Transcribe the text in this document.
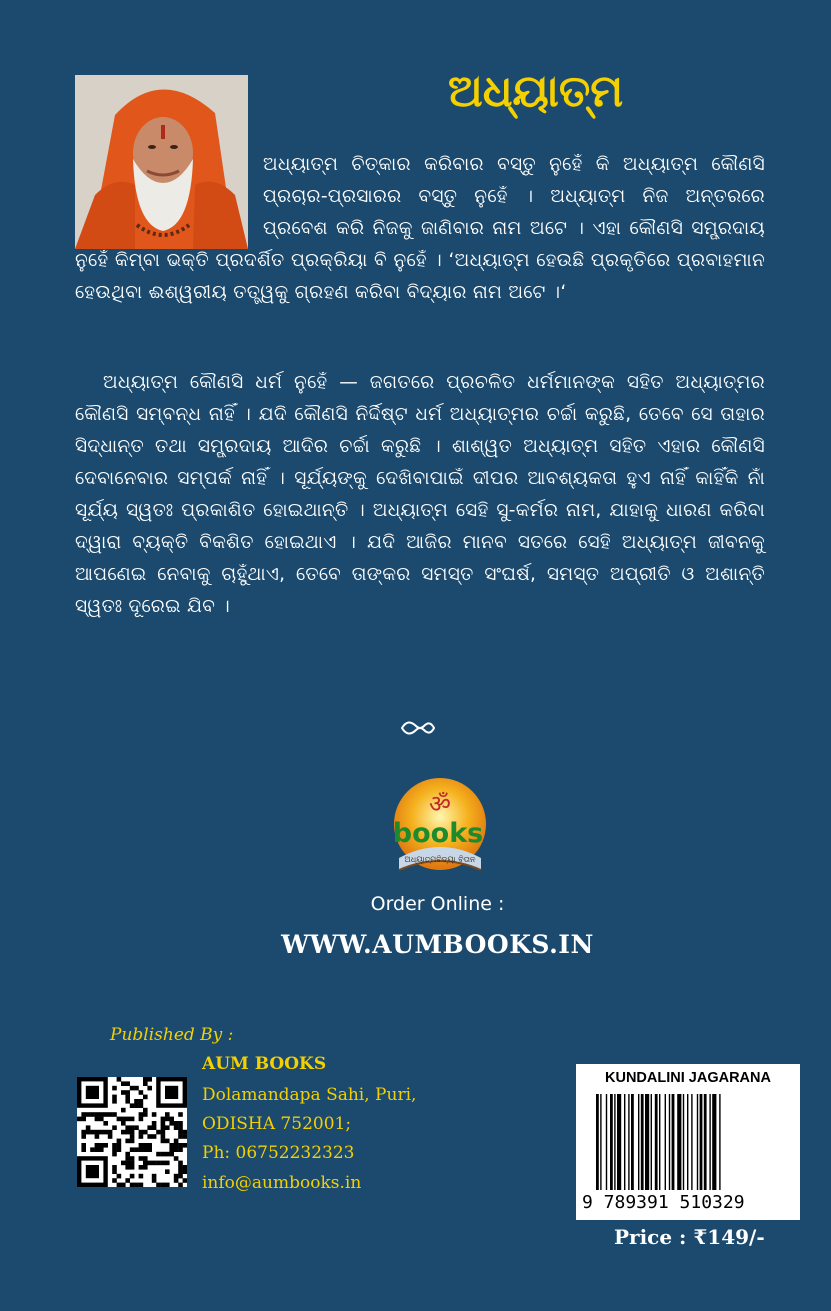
ଅଧ୍ୟାତ୍ମ
ଅଧ୍ୟାତ୍ମ ଚିତ୍କାର କରିବାର ବସ୍ତୁ ନୁହେଁ କି ଅଧ୍ୟାତ୍ମ କୌଣସି ପ୍ରଚାର-ପ୍ରସାରର ବସ୍ତୁ ନୁହେଁ । ଅଧ୍ୟାତ୍ମ ନିଜ ଅନ୍ତରରେ ପ୍ରବେଶ କରି ନିଜକୁ ଜାଣିବାର ନାମ ଅଟେ । ଏହା କୌଣସି ସମ୍ପ୍ରଦାୟ ନୁହେଁ କିମ୍ବା ଭକ୍ତି ପ୍ରଦର୍ଶିତ ପ୍ରକ୍ରିୟା ବି ନୁହେଁ । ‘ଅଧ୍ୟାତ୍ମ ହେଉଛି ପ୍ରକୃତିରେ ପ୍ରବାହମାନ ହେଉଥିବା ଈଶ୍ୱରୀୟ ତତ୍ତ୍ୱକୁ ଗ୍ରହଣ କରିବା ବିଦ୍ୟାର ନାମ ଅଟେ ।‘

ଅଧ୍ୟାତ୍ମ କୌଣସି ଧର୍ମ ନୁହେଁ — ଜଗତରେ ପ୍ରଚଳିତ ଧର୍ମମାନଙ୍କ ସହିତ ଅଧ୍ୟାତ୍ମର କୌଣସି ସମ୍ବନ୍ଧ ନାହିଁ । ଯଦି କୌଣସି ନିର୍ଦ୍ଦିଷ୍ଟ ଧର୍ମ ଅଧ୍ୟାତ୍ମର ଚର୍ଚ୍ଚା କରୁଛି, ତେବେ ସେ ତାହାର ସିଦ୍ଧାନ୍ତ ତଥା ସମ୍ପ୍ରଦାୟ ଆଦିର ଚର୍ଚ୍ଚା କରୁଛି । ଶାଶ୍ୱତ ଅଧ୍ୟାତ୍ମ ସହିତ ଏହାର କୌଣସି ଦେବାନେବାର ସମ୍ପର୍କ ନାହିଁ । ସୂର୍ଯ୍ୟଙ୍କୁ ଦେଖିବାପାଇଁ ଦୀପର ଆବଶ୍ୟକତା ହୁଏ ନାହିଁ କାହିଁକି ନାଁ ସୂର୍ଯ୍ୟ ସ୍ୱତଃ ପ୍ରକାଶିତ ହୋଇଥାନ୍ତି । ଅଧ୍ୟାତ୍ମ ସେହି ସୁ-କର୍ମର ନାମ, ଯାହାକୁ ଧାରଣ କରିବା ଦ୍ୱାରା ବ୍ୟକ୍ତି ବିକଶିତ ହୋଇଥାଏ । ଯଦି ଆଜିର ମାନବ ସତରେ ସେହି ଅଧ୍ୟାତ୍ମ ଜୀବନକୁ ଆପଣେଇ ନେବାକୁ ଚାହୁଁଥାଏ, ତେବେ ତାଙ୍କର ସମସ୍ତ ସଂଘର୍ଷ, ସମସ୍ତ ଅପ୍ରୀତି ଓ ଅଶାନ୍ତି ସ୍ୱତଃ ଦୂରେଇ ଯିବ ।

ॐ
books
ଅଧ୍ୟାତ୍ମବିଦ୍ୟା ବିତାନ
Order Online :
WWW.AUMBOOKS.IN
Published By :
AUM BOOKS
Dolamandapa Sahi, Puri,
ODISHA 752001;
Ph: 06752232323
info@aumbooks.in
KUNDALINI JAGARANA
9 789391 510329
Price : ₹149/-
